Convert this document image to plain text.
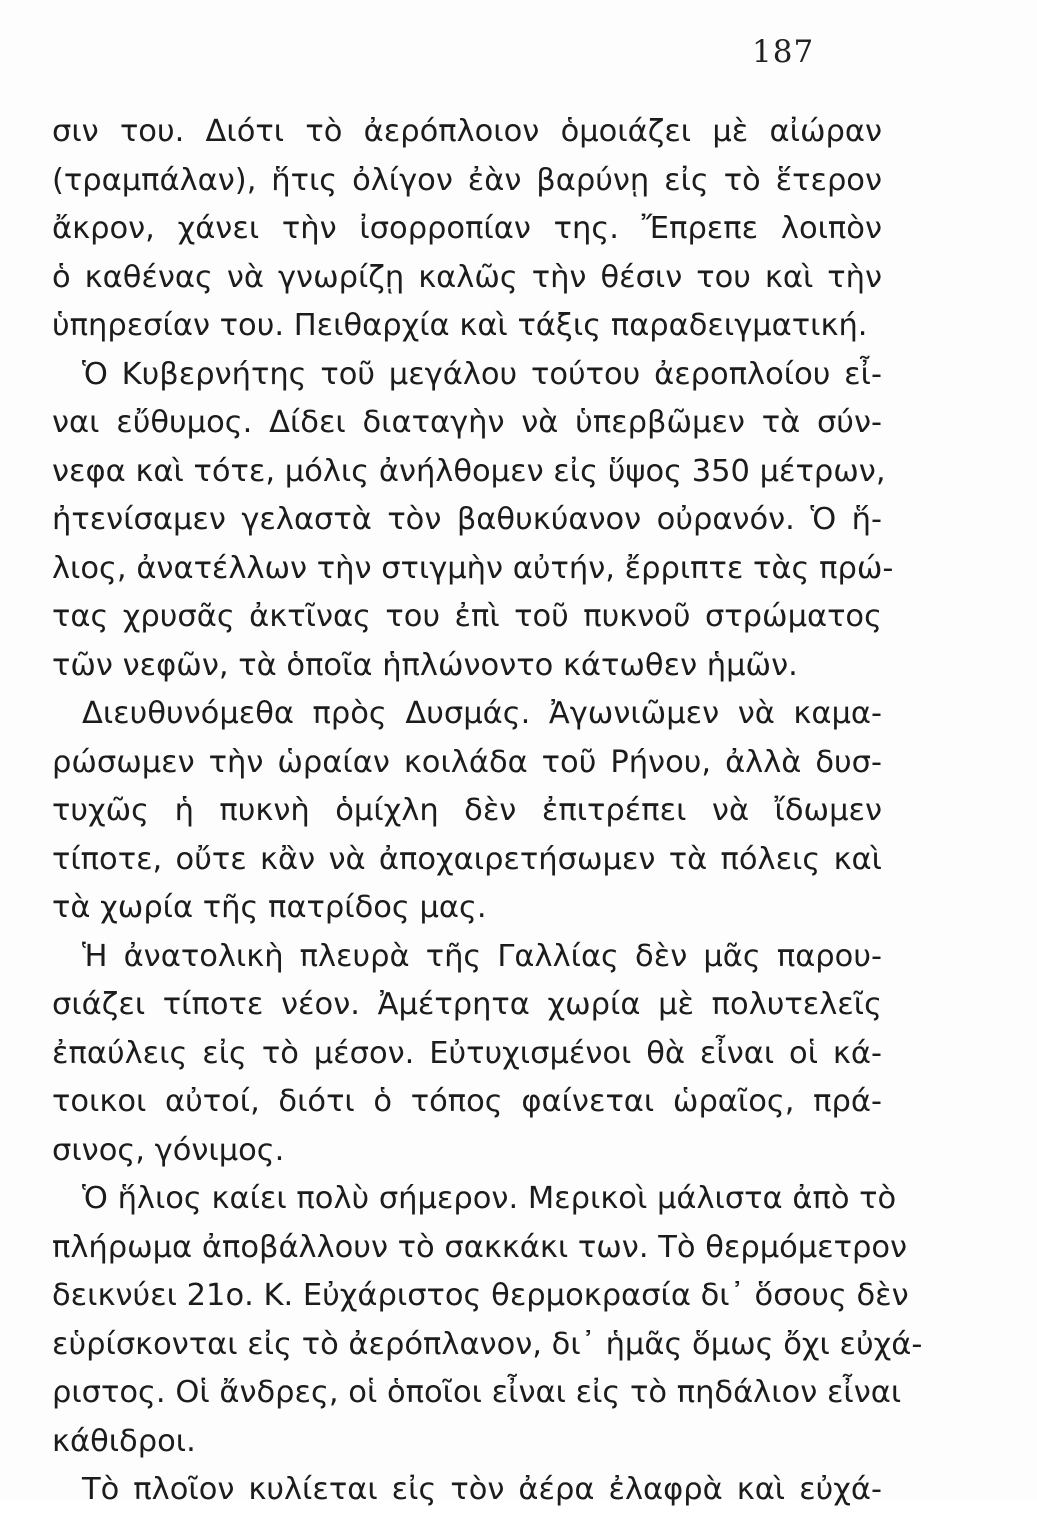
187
σιν του. Διότι τὸ ἀερόπλοιον ὁμοιάζει μὲ αἰώραν
(τραμπάλαν), ἥτις ὀλίγον ἐὰν βαρύνῃ εἰς τὸ ἕτερον
ἄκρον, χάνει τὴν ἰσορροπίαν της. Ἔπρεπε λοιπὸν
ὁ καθένας νὰ γνωρίζῃ καλῶς τὴν θέσιν του καὶ τὴν
ὑπηρεσίαν του. Πειθαρχία καὶ τάξις παραδειγματική.
Ὁ Κυβερνήτης τοῦ μεγάλου τούτου ἀεροπλοίου εἶ-
ναι εὔθυμος. Δίδει διαταγὴν νὰ ὑπερβῶμεν τὰ σύν-
νεφα καὶ τότε, μόλις ἀνήλθομεν εἰς ὕψος 350 μέτρων,
ἠτενίσαμεν γελαστὰ τὸν βαθυκύανον οὐρανόν. Ὁ ἥ-
λιος, ἀνατέλλων τὴν στιγμὴν αὐτήν, ἔρριπτε τὰς πρώ-
τας χρυσᾶς ἀκτῖνας του ἐπὶ τοῦ πυκνοῦ στρώματος
τῶν νεφῶν, τὰ ὁποῖα ἡπλώνοντο κάτωθεν ἡμῶν.
Διευθυνόμεθα πρὸς Δυσμάς. Ἀγωνιῶμεν νὰ καμα-
ρώσωμεν τὴν ὡραίαν κοιλάδα τοῦ Ρήνου, ἀλλὰ δυσ-
τυχῶς ἡ πυκνὴ ὁμίχλη δὲν ἐπιτρέπει νὰ ἴδωμεν
τίποτε, οὔτε κἂν νὰ ἀποχαιρετήσωμεν τὰ πόλεις καὶ
τὰ χωρία τῆς πατρίδος μας.
Ἡ ἀνατολικὴ πλευρὰ τῆς Γαλλίας δὲν μᾶς παρου-
σιάζει τίποτε νέον. Ἀμέτρητα χωρία μὲ πολυτελεῖς
ἐπαύλεις εἰς τὸ μέσον. Εὐτυχισμένοι θὰ εἶναι οἱ κά-
τοικοι αὐτοί, διότι ὁ τόπος φαίνεται ὡραῖος, πρά-
σινος, γόνιμος.
Ὁ ἥλιος καίει πολὺ σήμερον. Μερικοὶ μάλιστα ἀπὸ τὸ
πλήρωμα ἀποβάλλουν τὸ σακκάκι των. Τὸ θερμόμετρον
δεικνύει 21ο. Κ. Εὐχάριστος θερμοκρασία δι᾽ ὅσους δὲν
εὑρίσκονται εἰς τὸ ἀερόπλανον, δι᾽ ἡμᾶς ὅμως ὄχι εὐχά-
ριστος. Οἱ ἄνδρες, οἱ ὁποῖοι εἶναι εἰς τὸ πηδάλιον εἶναι
κάθιδροι.
Τὸ πλοῖον κυλίεται εἰς τὸν ἀέρα ἐλαφρὰ καὶ εὐχά-
